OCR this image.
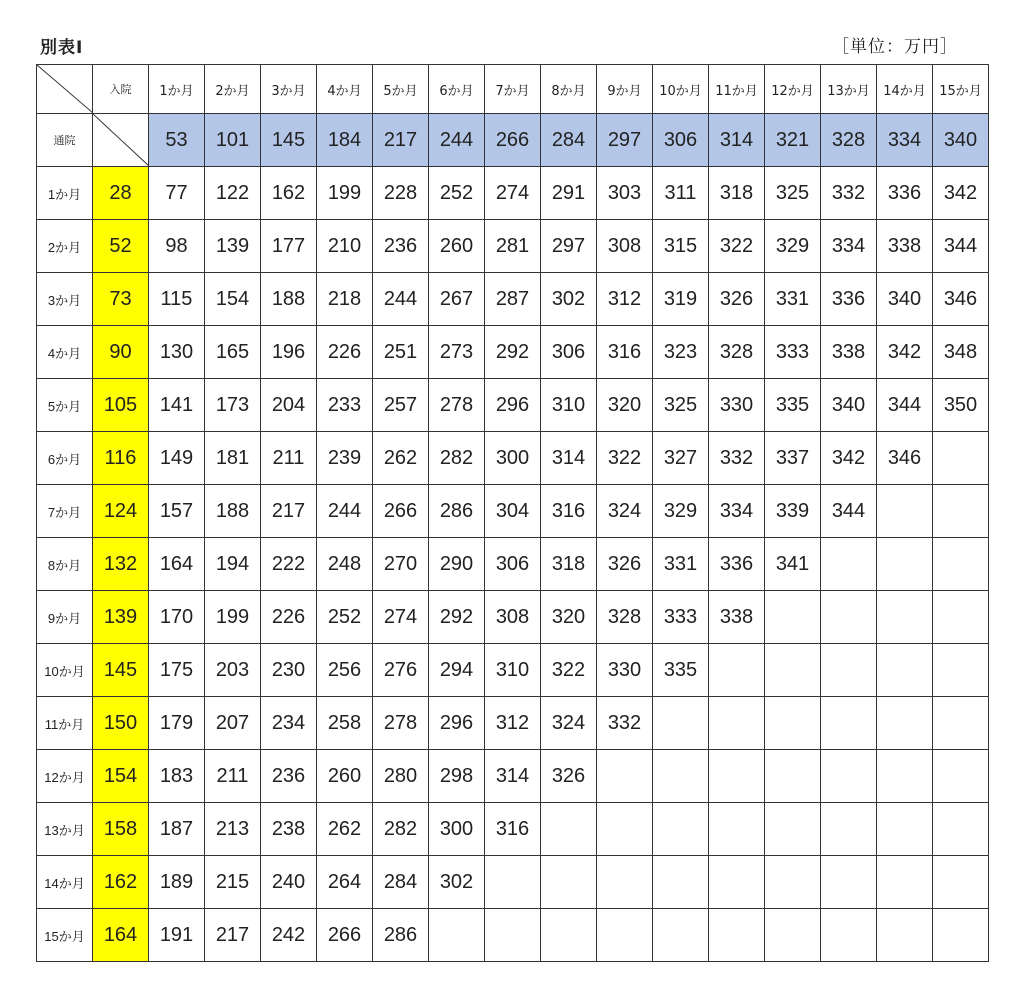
別表Ⅰ	［単位：万円］
	入院	1か月	2か月	3か月	4か月	5か月	6か月	7か月	8か月	9か月	10か月	11か月	12か月	13か月	14か月	15か月
通院		53	101	145	184	217	244	266	284	297	306	314	321	328	334	340
1か月	28	77	122	162	199	228	252	274	291	303	311	318	325	332	336	342
2か月	52	98	139	177	210	236	260	281	297	308	315	322	329	334	338	344
3か月	73	115	154	188	218	244	267	287	302	312	319	326	331	336	340	346
4か月	90	130	165	196	226	251	273	292	306	316	323	328	333	338	342	348
5か月	105	141	173	204	233	257	278	296	310	320	325	330	335	340	344	350
6か月	116	149	181	211	239	262	282	300	314	322	327	332	337	342	346	
7か月	124	157	188	217	244	266	286	304	316	324	329	334	339	344		
8か月	132	164	194	222	248	270	290	306	318	326	331	336	341			
9か月	139	170	199	226	252	274	292	308	320	328	333	338				
10か月	145	175	203	230	256	276	294	310	322	330	335					
11か月	150	179	207	234	258	278	296	312	324	332						
12か月	154	183	211	236	260	280	298	314	326							
13か月	158	187	213	238	262	282	300	316								
14か月	162	189	215	240	264	284	302									
15か月	164	191	217	242	266	286										
